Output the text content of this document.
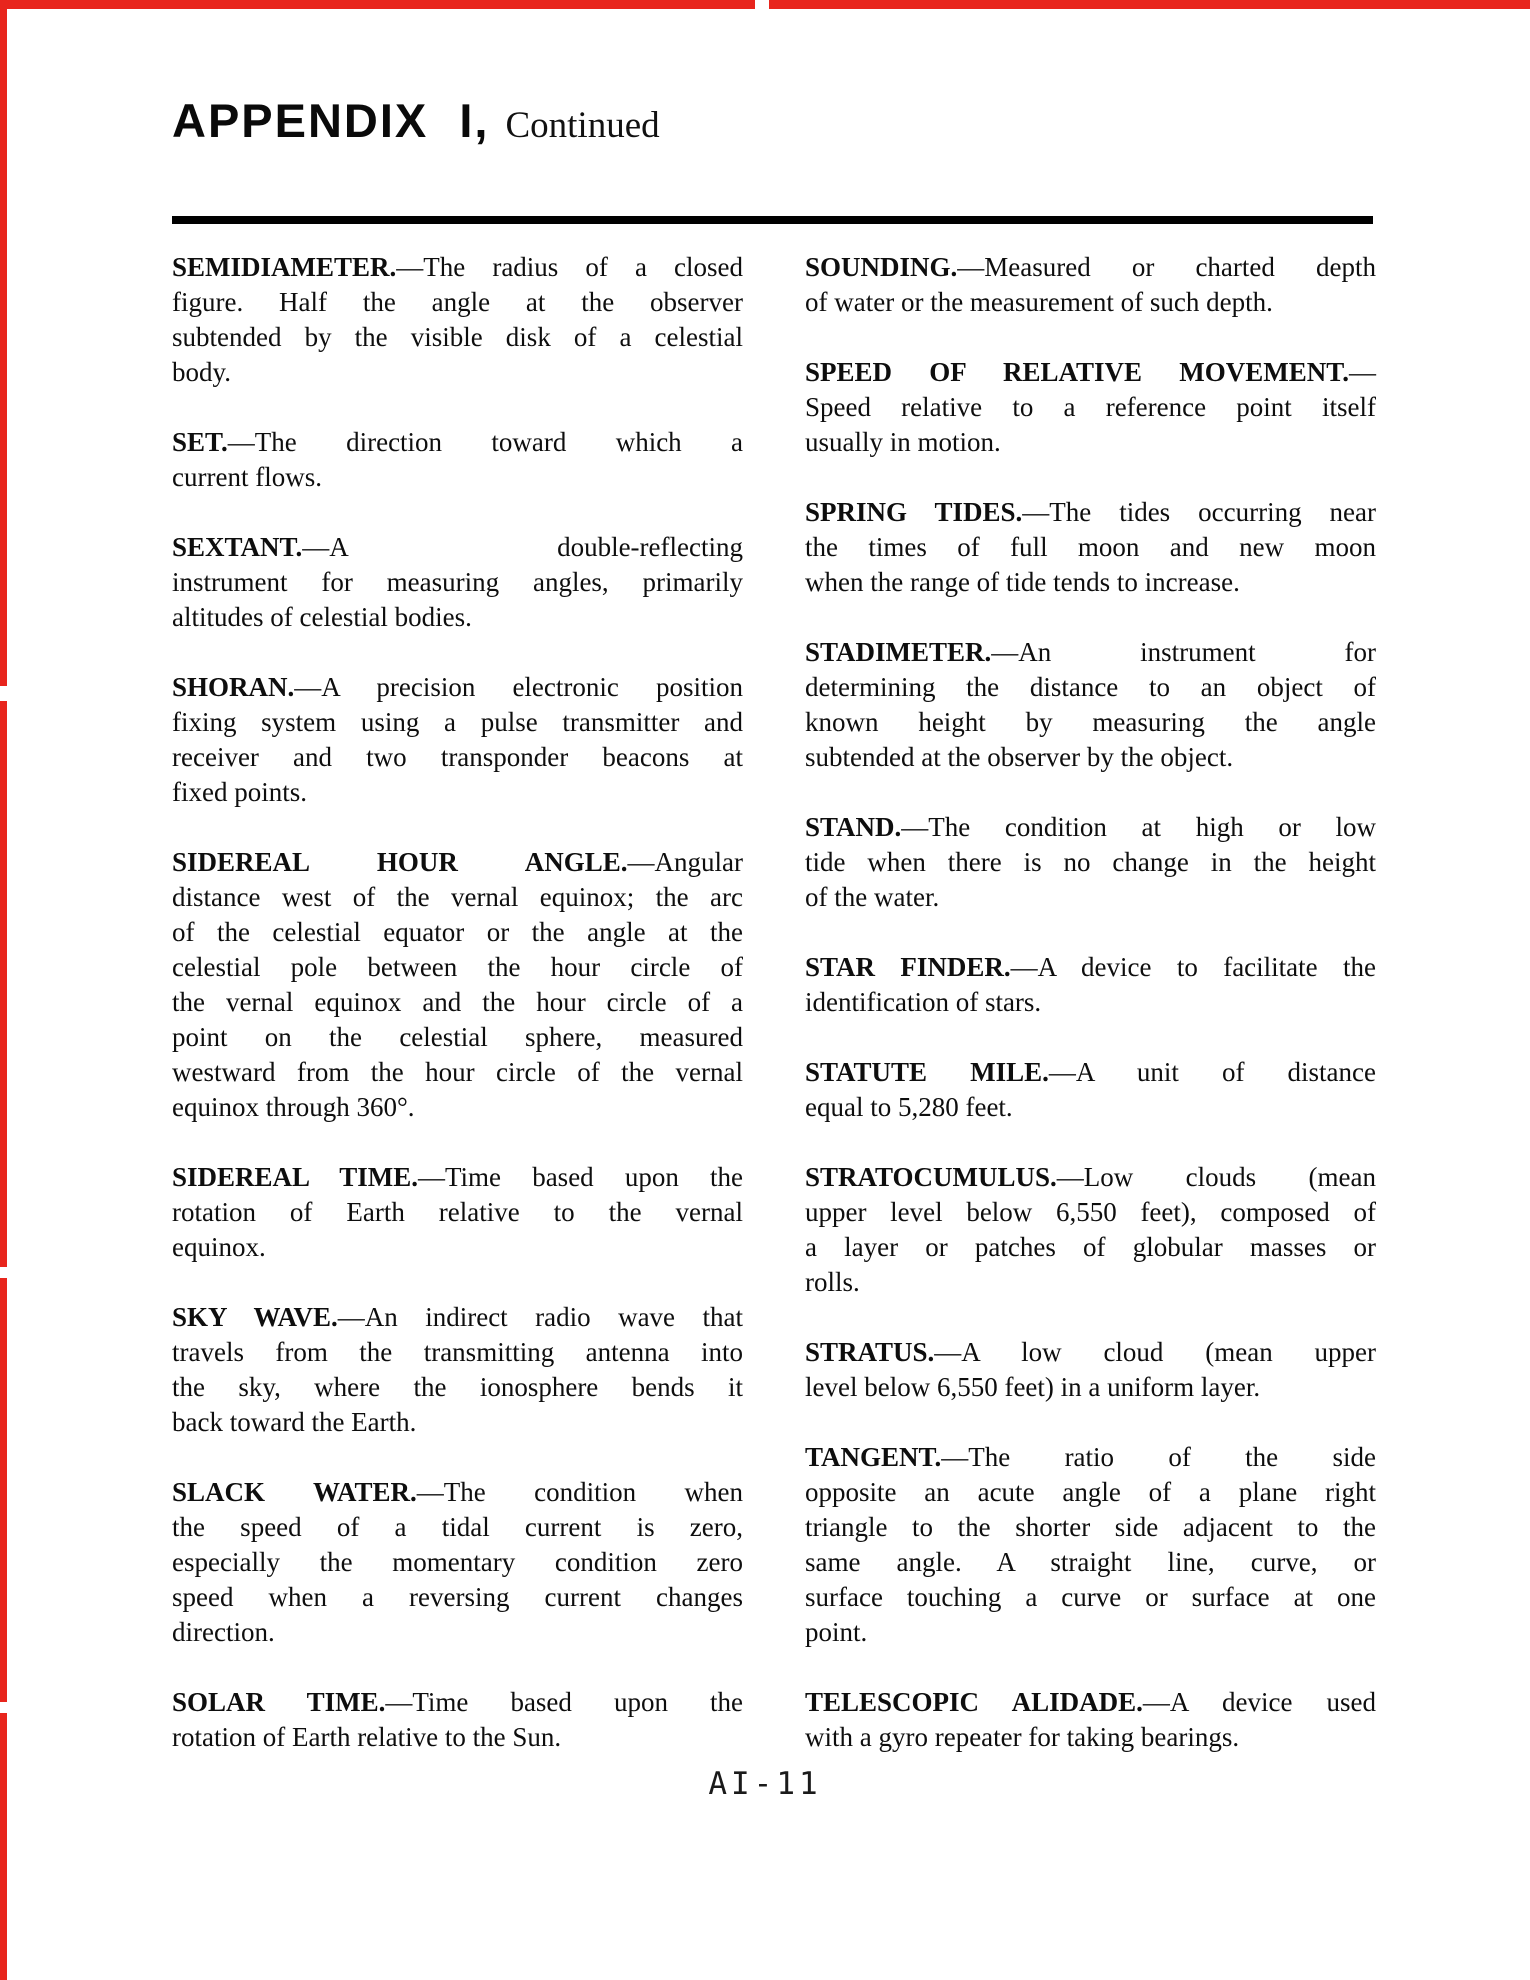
APPENDIX I, Continued

SEMIDIAMETER.—The radius of a closed
figure. Half the angle at the observer
subtended by the visible disk of a celestial
body.

SET.—The direction toward which a
current flows.

SEXTANT.—A double-reflecting
instrument for measuring angles, primarily
altitudes of celestial bodies.

SHORAN.—A precision electronic position
fixing system using a pulse transmitter and
receiver and two transponder beacons at
fixed points.

SIDEREAL HOUR ANGLE.—Angular
distance west of the vernal equinox; the arc
of the celestial equator or the angle at the
celestial pole between the hour circle of
the vernal equinox and the hour circle of a
point on the celestial sphere, measured
westward from the hour circle of the vernal
equinox through 360°.

SIDEREAL TIME.—Time based upon the
rotation of Earth relative to the vernal
equinox.

SKY WAVE.—An indirect radio wave that
travels from the transmitting antenna into
the sky, where the ionosphere bends it
back toward the Earth.

SLACK WATER.—The condition when
the speed of a tidal current is zero,
especially the momentary condition zero
speed when a reversing current changes
direction.

SOLAR TIME.—Time based upon the
rotation of Earth relative to the Sun.

SOUNDING.—Measured or charted depth
of water or the measurement of such depth.

SPEED OF RELATIVE MOVEMENT.—
Speed relative to a reference point itself
usually in motion.

SPRING TIDES.—The tides occurring near
the times of full moon and new moon
when the range of tide tends to increase.

STADIMETER.—An instrument for
determining the distance to an object of
known height by measuring the angle
subtended at the observer by the object.

STAND.—The condition at high or low
tide when there is no change in the height
of the water.

STAR FINDER.—A device to facilitate the
identification of stars.

STATUTE MILE.—A unit of distance
equal to 5,280 feet.

STRATOCUMULUS.—Low clouds (mean
upper level below 6,550 feet), composed of
a layer or patches of globular masses or
rolls.

STRATUS.—A low cloud (mean upper
level below 6,550 feet) in a uniform layer.

TANGENT.—The ratio of the side
opposite an acute angle of a plane right
triangle to the shorter side adjacent to the
same angle. A straight line, curve, or
surface touching a curve or surface at one
point.

TELESCOPIC ALIDADE.—A device used
with a gyro repeater for taking bearings.

AI-11
